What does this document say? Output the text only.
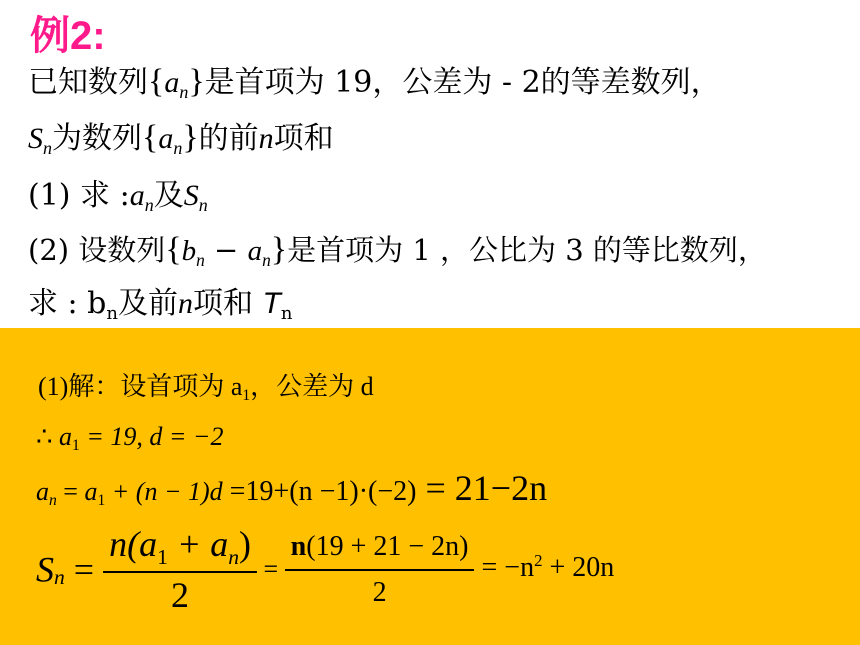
例2:
已知数列$\{a_n\}$是首项为 19，公差为 - 2的等差数列，
$S_n$为数列$\{a_n\}$的前n项和
(1) 求 $:a_n$及$S_n$
(2) 设数列$\{b_n - a_n\}$是首项为 1 ，公比为 3 的等比数列，
求 : $b_n$及前n项和 $T_n$
(1)解：设首项为 $a_1$，公差为 d
∴ $a_1 = 19$, d = −2
$a_n = a_1 + (n - 1)d =19+(n -1)\cdot(-2) = 21-2n$
$S_n = \frac{n(a_1 + a_n)}{2} = \frac{n(19 + 21 - 2n)}{2} = -n^2 + 20n$
